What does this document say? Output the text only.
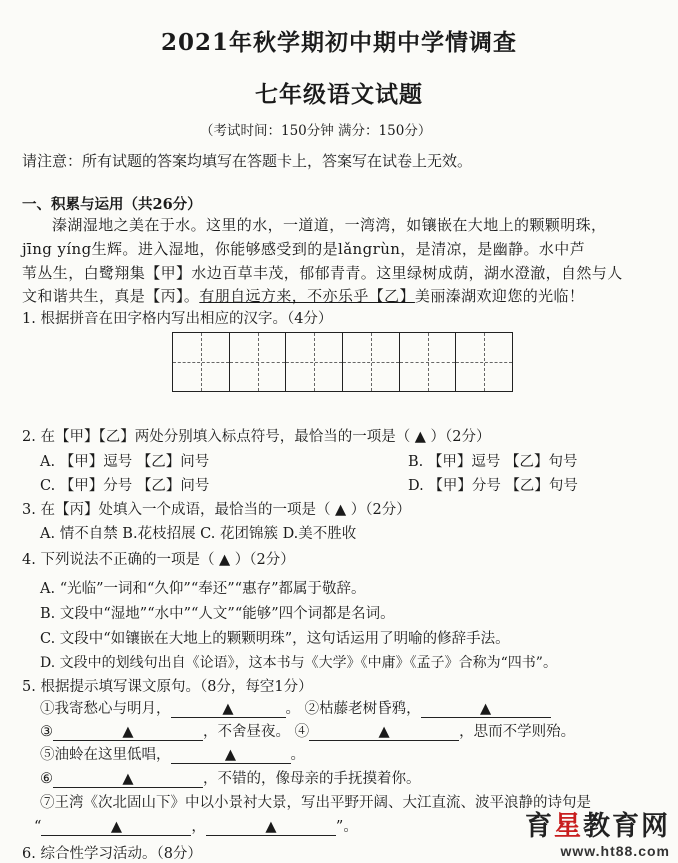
2021年秋学期初中期中学情调查
七年级语文试题
（考试时间：150分钟 满分：150分）
请注意：所有试题的答案均填写在答题卡上，答案写在试卷上无效。
一、积累与运用（共26分）
溱湖湿地之美在于水。这里的水，一道道，一湾湾，如镶嵌在大地上的颗颗明珠，
jīng yíng生辉。进入湿地，你能够感受到的是lǎngrùn，是清凉，是幽静。水中芦
苇丛生，白鹭翔集【甲】水边百草丰茂，郁郁青青。这里绿树成荫，湖水澄澈，自然与人
文和谐共生，真是【丙】。有朋自远方来，不亦乐乎【乙】美丽溱湖欢迎您的光临！
1. 根据拼音在田字格内写出相应的汉字。（4分）
2. 在【甲】【乙】两处分别填入标点符号，最恰当的一项是（ ▲ ）（2分）
A. 【甲】逗号 【乙】问号	B. 【甲】逗号 【乙】句号
C. 【甲】分号 【乙】问号	D. 【甲】分号 【乙】句号
3. 在【丙】处填入一个成语，最恰当的一项是（ ▲ ）（2分）
A. 情不自禁 B.花枝招展 C. 花团锦簇 D.美不胜收
4. 下列说法不正确的一项是（ ▲ ）（2分）
A. “光临”一词和“久仰”“奉还”“惠存”都属于敬辞。
B. 文段中“湿地”“水中”“人文”“能够”四个词都是名词。
C. 文段中“如镶嵌在大地上的颗颗明珠”，这句话运用了明喻的修辞手法。
D. 文段中的划线句出自《论语》，这本书与《大学》《中庸》《孟子》合称为“四书”。
5. 根据提示填写课文原句。（8分，每空1分）
①我寄愁心与明月，	▲	。 ②枯藤老树昏鸦，	▲
③	▲	，不舍昼夜。 ④	▲	，思而不学则殆。
⑤油蛉在这里低唱，	▲	。
⑥	▲	，不错的，像母亲的手抚摸着你。
⑦王湾《次北固山下》中以小景衬大景，写出平野开阔、大江直流、波平浪静的诗句是
“	▲	，	▲	”。
6. 综合性学习活动。（8分）
育星教育网
www.ht88.com
